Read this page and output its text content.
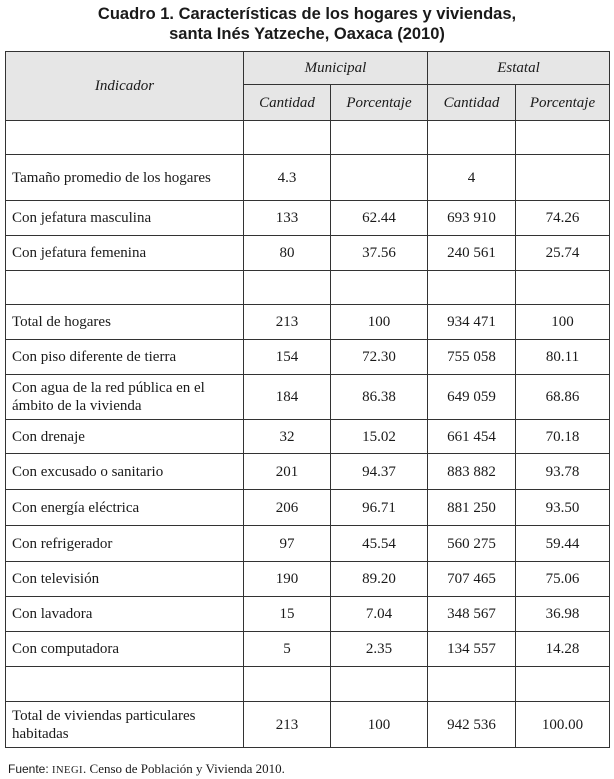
Cuadro 1. Características de los hogares y viviendas,
santa Inés Yatzeche, Oaxaca (2010)
Indicador	Municipal		Estatal	
	Cantidad	Porcentaje	Cantidad	Porcentaje

Tamaño promedio de los hogares	4.3		4	
Con jefatura masculina	133	62.44	693 910	74.26
Con jefatura femenina	80	37.56	240 561	25.74

Total de hogares	213	100	934 471	100
Con piso diferente de tierra	154	72.30	755 058	80.11
Con agua de la red pública en el ámbito de la vivienda	184	86.38	649 059	68.86
Con drenaje	32	15.02	661 454	70.18
Con excusado o sanitario	201	94.37	883 882	93.78
Con energía eléctrica	206	96.71	881 250	93.50
Con refrigerador	97	45.54	560 275	59.44
Con televisión	190	89.20	707 465	75.06
Con lavadora	15	7.04	348 567	36.98
Con computadora	5	2.35	134 557	14.28

Total de viviendas particulares habitadas	213	100	942 536	100.00
Fuente: INEGI. Censo de Población y Vivienda 2010.
